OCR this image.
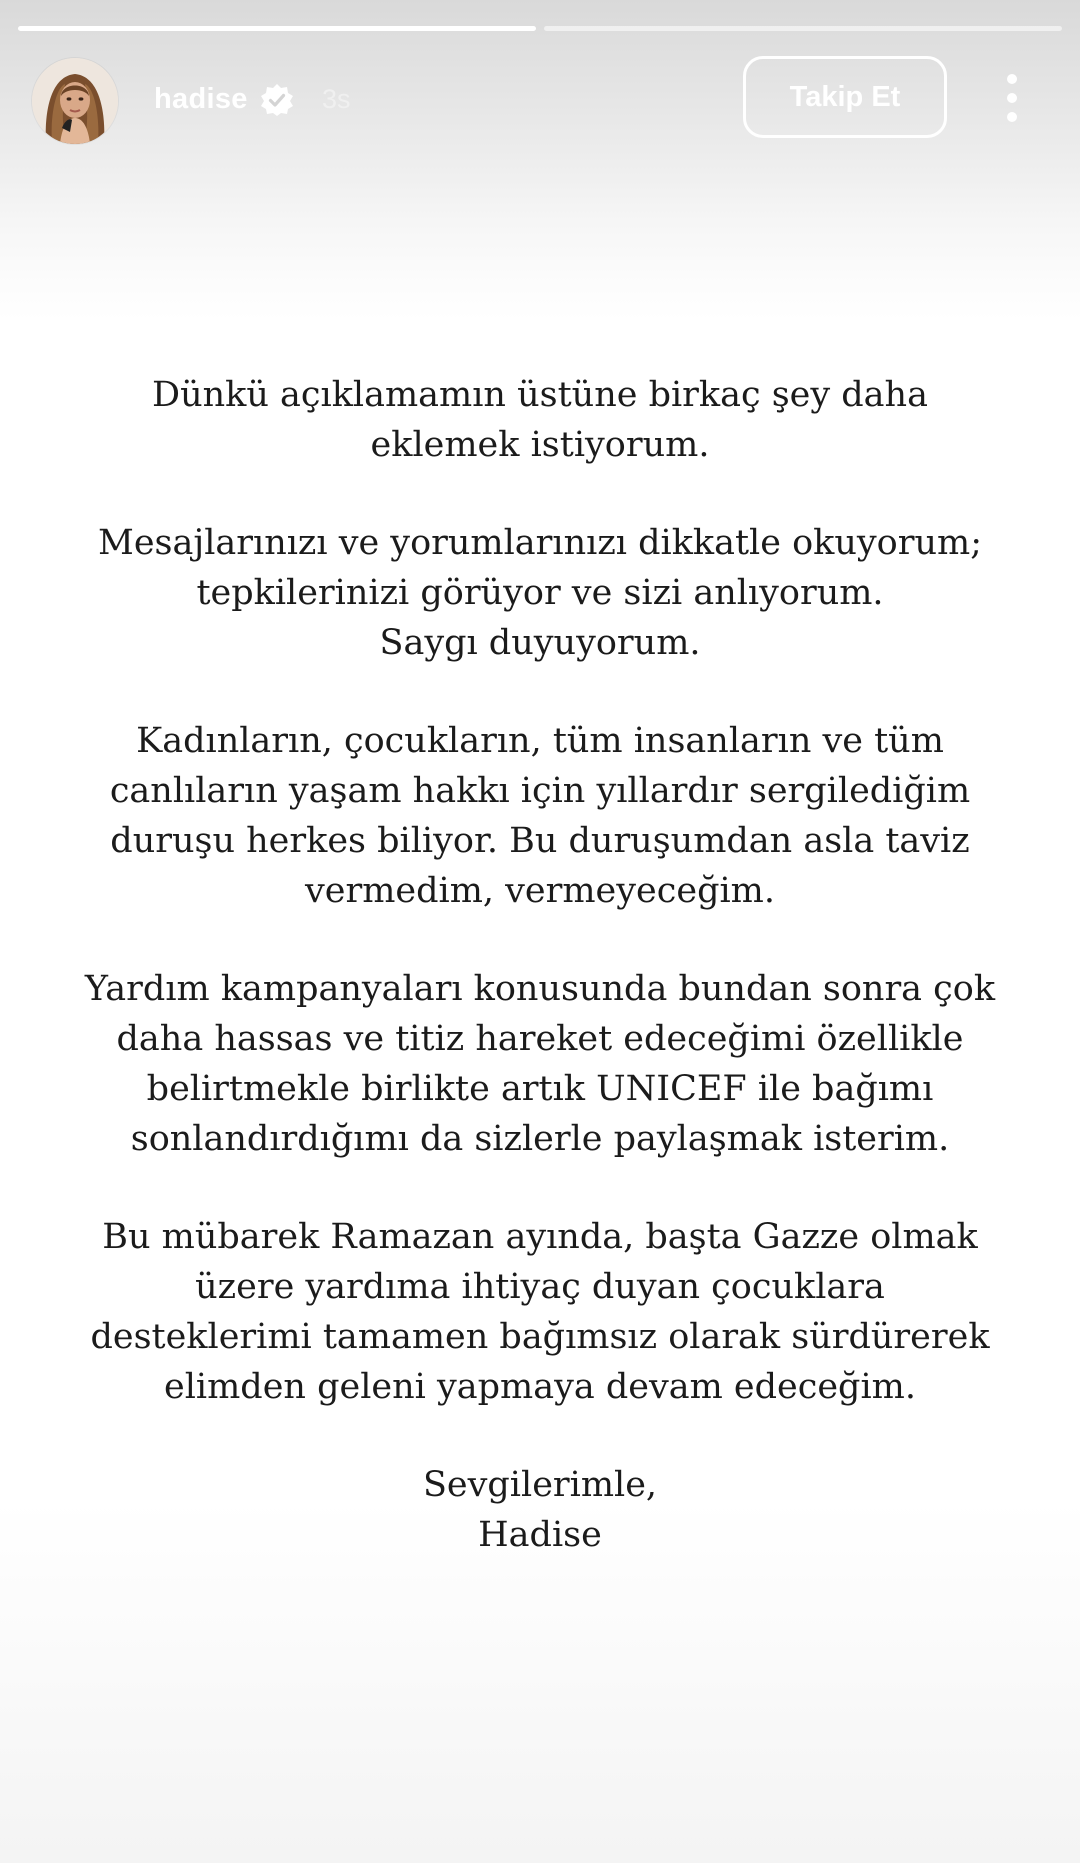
hadise	3s	Takip Et
Dünkü açıklamamın üstüne birkaç şey daha
eklemek istiyorum.
Mesajlarınızı ve yorumlarınızı dikkatle okuyorum;
tepkilerinizi görüyor ve sizi anlıyorum.
Saygı duyuyorum.
Kadınların, çocukların, tüm insanların ve tüm
canlıların yaşam hakkı için yıllardır sergilediğim
duruşu herkes biliyor. Bu duruşumdan asla taviz
vermedim, vermeyeceğim.
Yardım kampanyaları konusunda bundan sonra çok
daha hassas ve titiz hareket edeceğimi özellikle
belirtmekle birlikte artık UNICEF ile bağımı
sonlandırdığımı da sizlerle paylaşmak isterim.
Bu mübarek Ramazan ayında, başta Gazze olmak
üzere yardıma ihtiyaç duyan çocuklara
desteklerimi tamamen bağımsız olarak sürdürerek
elimden geleni yapmaya devam edeceğim.
Sevgilerimle,
Hadise
